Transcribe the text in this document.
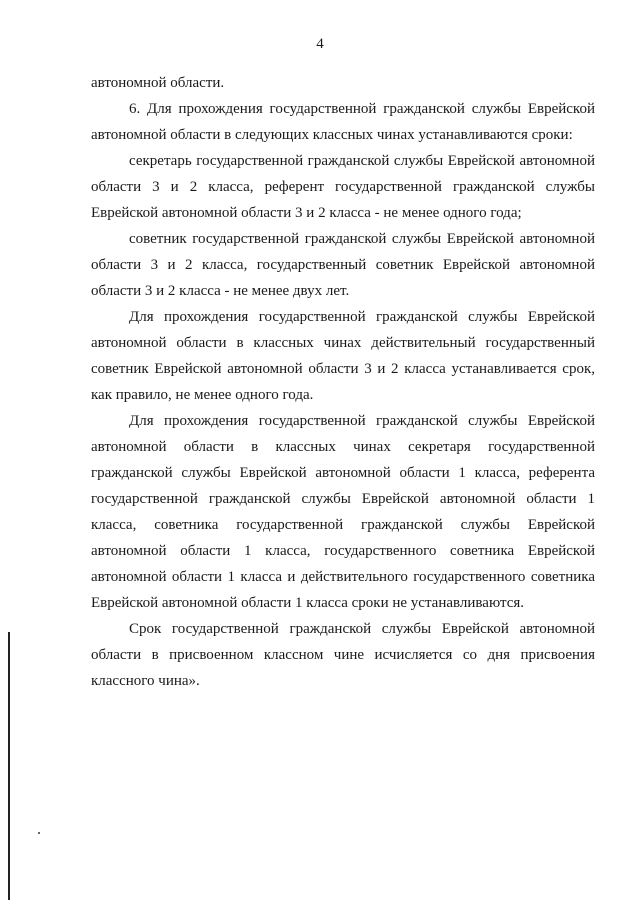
4

автономной области.

6. Для прохождения государственной гражданской службы Еврейской автономной области в следующих классных чинах устанавливаются сроки:

секретарь государственной гражданской службы Еврейской автономной области 3 и 2 класса, референт государственной гражданской службы Еврейской автономной области 3 и 2 класса - не менее одного года;

советник государственной гражданской службы Еврейской автономной области 3 и 2 класса, государственный советник Еврейской автономной области 3 и 2 класса - не менее двух лет.

Для прохождения государственной гражданской службы Еврейской автономной области в классных чинах действительный государственный советник Еврейской автономной области 3 и 2 класса устанавливается срок, как правило, не менее одного года.

Для прохождения государственной гражданской службы Еврейской автономной области в классных чинах секретаря государственной гражданской службы Еврейской автономной области 1 класса, референта государственной гражданской службы Еврейской автономной области 1 класса, советника государственной гражданской службы Еврейской автономной области 1 класса, государственного советника Еврейской автономной области 1 класса и действительного государственного советника Еврейской автономной области 1 класса сроки не устанавливаются.

Срок государственной гражданской службы Еврейской автономной области в присвоенном классном чине исчисляется со дня присвоения классного чина».
